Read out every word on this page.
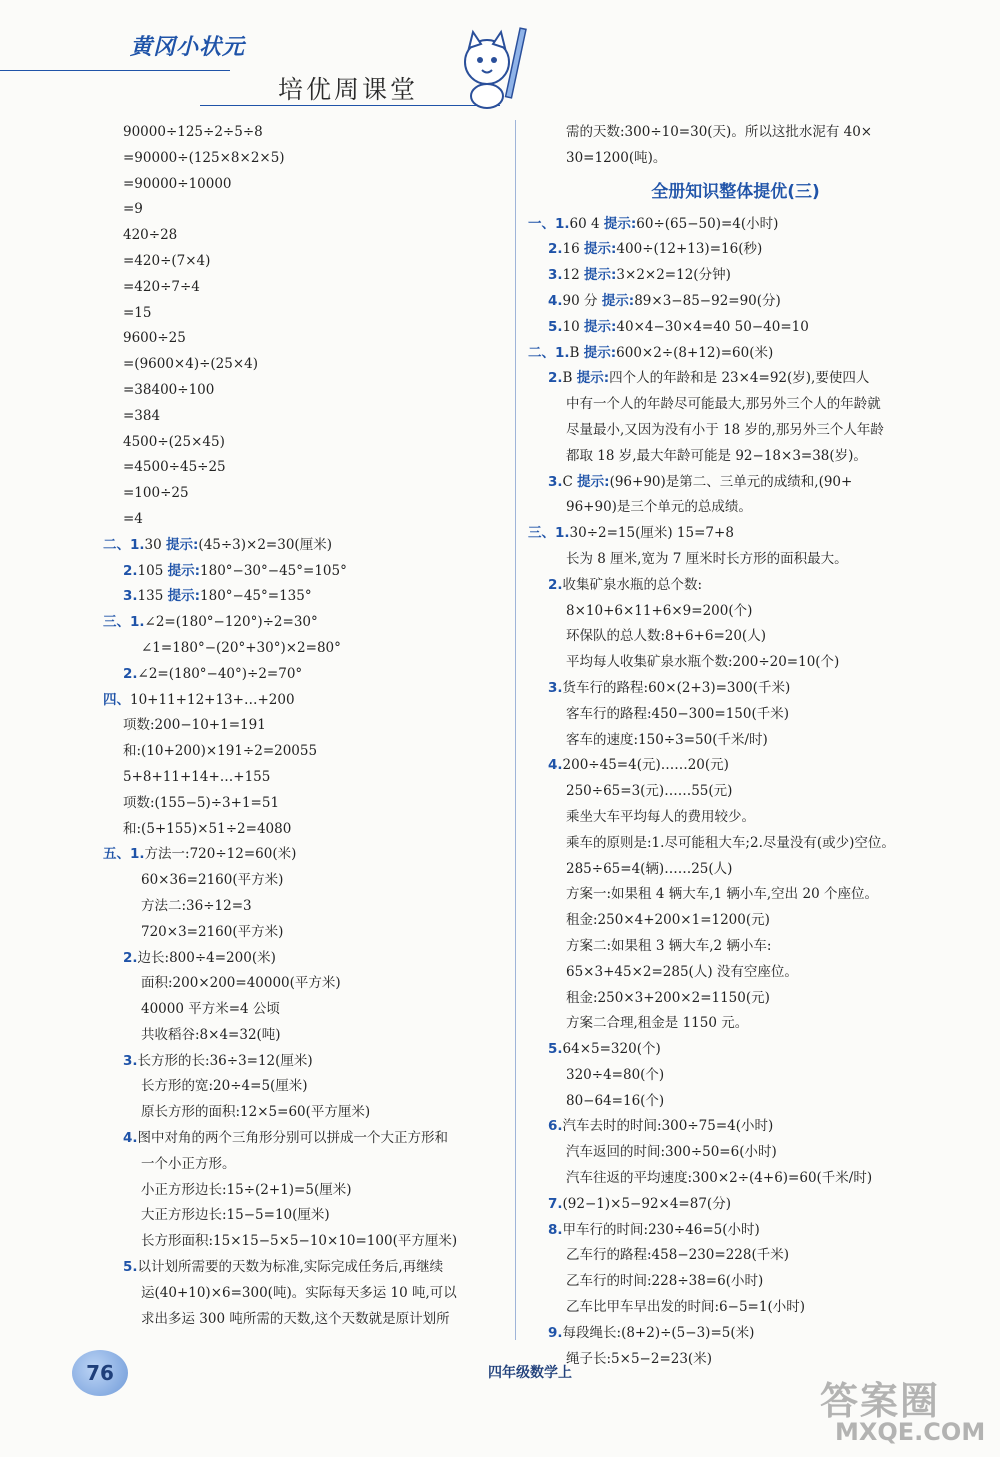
黄冈小状元
培优周课堂
90000÷125÷2÷5÷8
=90000÷(125×8×2×5)
=90000÷10000
=9
420÷28
=420÷(7×4)
=420÷7÷4
=15
9600÷25
=(9600×4)÷(25×4)
=38400÷100
=384
4500÷(25×45)
=4500÷45÷25
=100÷25
=4
二、1.30 提示:(45÷3)×2=30(厘米)
2.105 提示:180°−30°−45°=105°
3.135 提示:180°−45°=135°
三、1.∠2=(180°−120°)÷2=30°
∠1=180°−(20°+30°)×2=80°
2.∠2=(180°−40°)÷2=70°
四、10+11+12+13+…+200
项数:200−10+1=191
和:(10+200)×191÷2=20055
5+8+11+14+…+155
项数:(155−5)÷3+1=51
和:(5+155)×51÷2=4080
五、1.方法一:720÷12=60(米)
60×36=2160(平方米)
方法二:36÷12=3
720×3=2160(平方米)
2.边长:800÷4=200(米)
面积:200×200=40000(平方米)
40000 平方米=4 公顷
共收稻谷:8×4=32(吨)
3.长方形的长:36÷3=12(厘米)
长方形的宽:20÷4=5(厘米)
原长方形的面积:12×5=60(平方厘米)
4.图中对角的两个三角形分别可以拼成一个大正方形和
一个小正方形。
小正方形边长:15÷(2+1)=5(厘米)
大正方形边长:15−5=10(厘米)
长方形面积:15×15−5×5−10×10=100(平方厘米)
5.以计划所需要的天数为标准,实际完成任务后,再继续
运(40+10)×6=300(吨)。实际每天多运 10 吨,可以
求出多运 300 吨所需的天数,这个天数就是原计划所
需的天数:300÷10=30(天)。所以这批水泥有 40×
30=1200(吨)。
全册知识整体提优(三)
一、1.60 4 提示:60÷(65−50)=4(小时)
2.16 提示:400÷(12+13)=16(秒)
3.12 提示:3×2×2=12(分钟)
4.90 分 提示:89×3−85−92=90(分)
5.10 提示:40×4−30×4=40 50−40=10
二、1.B 提示:600×2÷(8+12)=60(米)
2.B 提示:四个人的年龄和是 23×4=92(岁),要使四人
中有一个人的年龄尽可能最大,那另外三个人的年龄就
尽量最小,又因为没有小于 18 岁的,那另外三个人年龄
都取 18 岁,最大年龄可能是 92−18×3=38(岁)。
3.C 提示:(96+90)是第二、三单元的成绩和,(90+
96+90)是三个单元的总成绩。
三、1.30÷2=15(厘米) 15=7+8
长为 8 厘米,宽为 7 厘米时长方形的面积最大。
2.收集矿泉水瓶的总个数:
8×10+6×11+6×9=200(个)
环保队的总人数:8+6+6=20(人)
平均每人收集矿泉水瓶个数:200÷20=10(个)
3.货车行的路程:60×(2+3)=300(千米)
客车行的路程:450−300=150(千米)
客车的速度:150÷3=50(千米/时)
4.200÷45=4(元)……20(元)
250÷65=3(元)……55(元)
乘坐大车平均每人的费用较少。
乘车的原则是:1.尽可能租大车;2.尽量没有(或少)空位。
285÷65=4(辆)……25(人)
方案一:如果租 4 辆大车,1 辆小车,空出 20 个座位。
租金:250×4+200×1=1200(元)
方案二:如果租 3 辆大车,2 辆小车:
65×3+45×2=285(人) 没有空座位。
租金:250×3+200×2=1150(元)
方案二合理,租金是 1150 元。
5.64×5=320(个)
320÷4=80(个)
80−64=16(个)
6.汽车去时的时间:300÷75=4(小时)
汽车返回的时间:300÷50=6(小时)
汽车往返的平均速度:300×2÷(4+6)=60(千米/时)
7.(92−1)×5−92×4=87(分)
8.甲车行的时间:230÷46=5(小时)
乙车行的路程:458−230=228(千米)
乙车行的时间:228÷38=6(小时)
乙车比甲车早出发的时间:6−5=1(小时)
9.每段绳长:(8+2)÷(5−3)=5(米)
绳子长:5×5−2=23(米)
76	四年级数学上
答案圈
MXQE.COM
